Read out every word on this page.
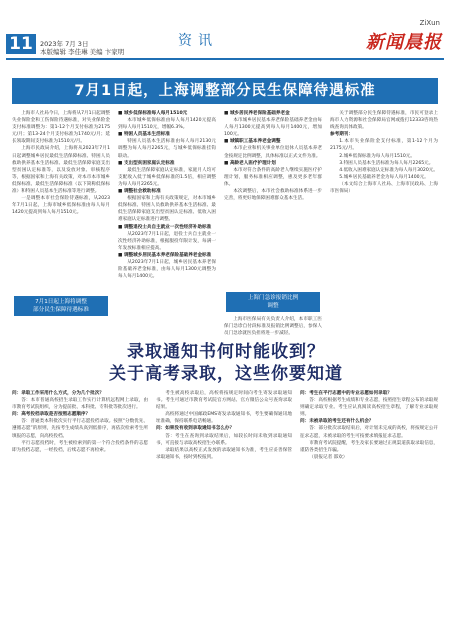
11	2023年 7月 3日
本版编辑 李佳琳 美编 卞家明
资讯
ZiXun
新闻晨报
7月1日起，上海调整部分民生保障待遇标准

上海市人社局今日，上海将从7月1日起调整失业保险金和工伤保险待遇标准，对失业保险金支付标准调整为：第1-12个月支付标准为2175元/月；第13-24个月支付标准为1740元/月；延长领取期间支付标准为1510元/月。

上海市民政局介绍，上海将从2023年7月1日起调整城乡居民最低生活保障标准、特困人员救助供养基本生活标准、最低生活保障家庭支出型贫困认定标准等，以及发放对象、审核程序等，根据国家和上海有关政策，对本市本市城乡低保标准、最低生活保障标准（以下简称低保标准）和特困人员基本生活标准等进行调整。

一是调整本市社会保险待遇标准，从2023年7月1日起，上海市城乡低保标准由每人每月1420元提高到每人每月1510元。

7月1日起上海将调整
部分民生保障待遇标准

■ 城乡低保标准每人每月1510元

本市城乡低保标准由每人每月1420元提高到每人每月1510元，增幅6.3%。

■ 特困人员基本生活标准

特困人员基本生活标准由每人每月2130元调整为每人每月2265元，与城乡低保标准挂钩联动。

■ 支出型贫困家庭认定标准

最低生活保障家庭认定标准，家庭月人均可支配收入低于城乡低保标准的1.5倍，相应调整为每人每月2265元。

■ 调整社会救助标准

根据国家和上海有关政策规定，对本市城乡低保标准、特困人员救助供养基本生活标准、最低生活保障家庭支出型贫困认定标准、低收入困难家庭认定标准进行调整。

■ 调整退役士兵自主就业一次性经济补助标准

从2023年7月1日起，退役士兵自主就业一次性经济补助标准，根据服役年限计发，每满一年发放标准相应提高。

■ 调整城乡居民基本养老保险基础养老金标准

从2023年7月1日起，城乡居民基本养老保险基础养老金标准，由每人每月1300元调整为每人每月1400元。

■ 城乡居民养老保险基础养老金

本市城乡居民基本养老保险基础养老金由每人每月1300元提高到每人每月1400元，增加100元。

■ 城镇职工基本养老金调整

本市企业和机关事业单位退休人员基本养老金按规定比例调整，具体标准以正式文件为准。

■ 高龄老人医疗护理计划

本市对符合条件的高龄老人继续实施医疗护理计划，服务标准相应调整，惠及更多老年群体。

本次调整后，本市社会救助标准体系进一步完善，将更好地保障困难群众基本生活。

上海门急诊报销比例
调整

上海市医保局有关负责人介绍，本市职工医保门急诊自付段标准及报销比例调整后，参保人员门急诊就医负担将进一步减轻。

关于调整部分民生保障待遇标准，市民可登录上海市人力资源和社会保障局官网或拨打12333咨询热线查询具体政策。

参考期刊：

1.本市失业保险金支付标准，第1-12个月为2175元/月。

2.城乡低保标准为每人每月1510元。

3.特困人员基本生活标准为每人每月2265元。

4.低收入困难家庭认定标准为每人每月3020元。

5.城乡居民基础养老金为每人每月1400元。

（本文综合上海市人社局、上海市民政局、上海市医保局）

录取通知书何时能收到？
关于高考录取，这些你要知道

问：录取工作采用什么方式，分为几个批次？

答：本市普通高校招生录取工作实行计算机远程网上录取，由市教育考试院组织，分为提前批、本科批、专科批等批次进行。

问：高考投档录取是否按照志愿顺序？

答：普通类本科批次实行平行志愿投档录取。按照“分数优先、遵循志愿”的原则，先按考生成绩从高到低排序，再依次检索考生所填报的志愿，向高校投档。

平行志愿投档时，考生被检索到的第一个符合投档条件的志愿即为投档志愿，一经投档，后续志愿不再检索。

考生被高校录取后，高校将按规定时间向考生寄发录取通知书。考生可通过市教育考试院官方网站、官方微信公众号查询录取结果。

高校将通过中国邮政EMS寄发录取通知书，考生要确保通讯地址准确，保持联系电话畅通。

问：如果没有收到录取通知书怎么办？

答：考生在查询到录取结果后，如较长时间未收到录取通知书，可直接与录取高校招生办联系。

录取结果以高校正式发放的录取通知书为准，考生应妥善保管录取通知书，按时到校报到。

问：考生在平行志愿中的专业志愿如何录取？

答：高校根据考生成绩和专业志愿，按照招生章程公布的录取规则确定录取专业。考生应认真阅读高校招生章程，了解专业录取规则。

问：未被录取的考生还有什么机会？

答：部分批次录取结束后，对计划未完成的高校，将按规定公开征求志愿，未被录取的考生可按要求填报征求志愿。

市教育考试院提醒，考生及家长要通过正规渠道获取录取信息，谨防各类招生诈骗。

（晨报记者 邵欢）
